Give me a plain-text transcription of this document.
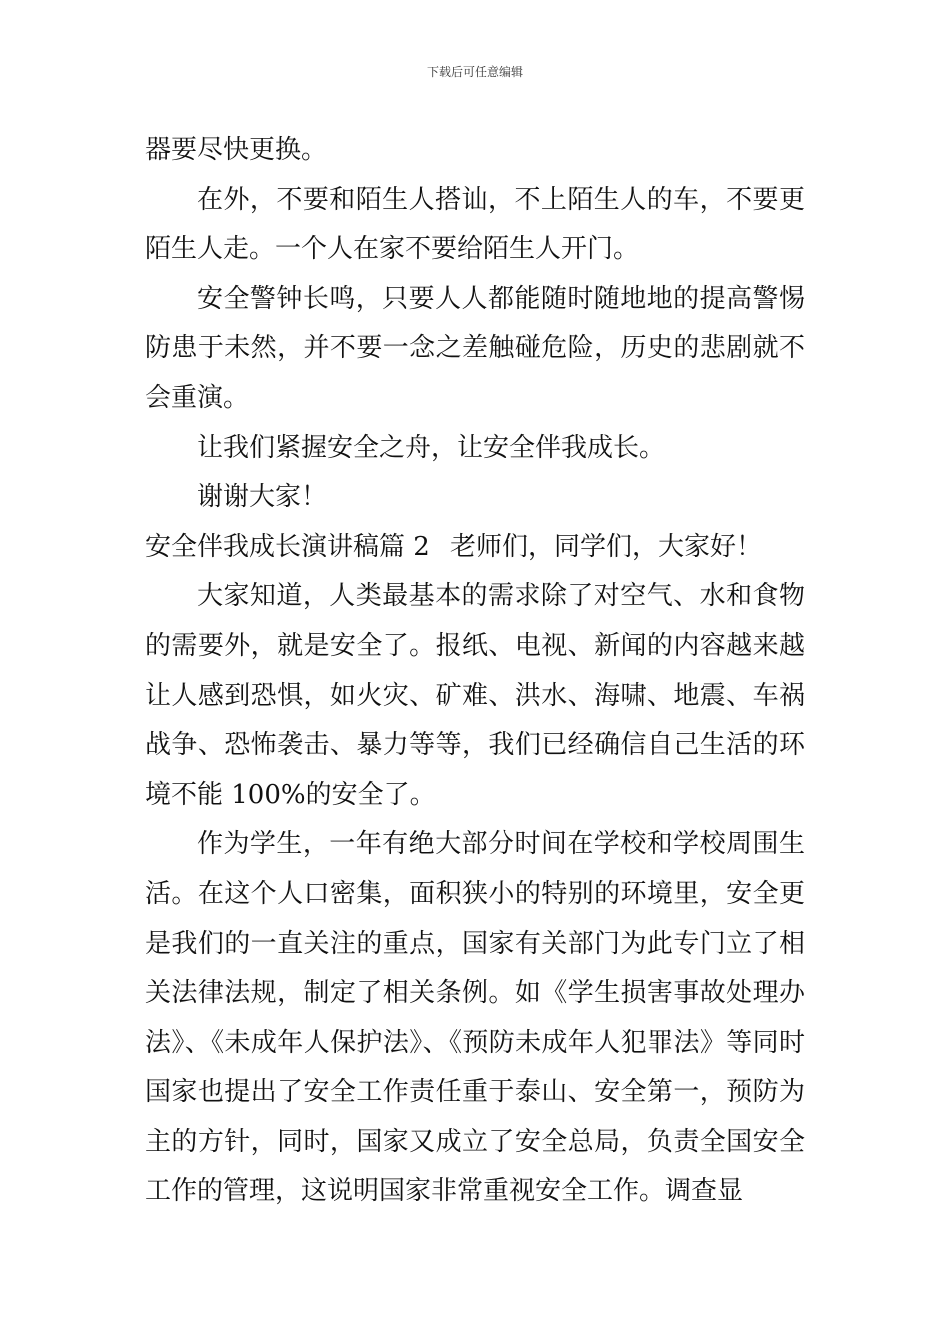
下载后可任意编辑

器要尽快更换。

在外，不要和陌生人搭讪，不上陌生人的车，不要更陌生人走。一个人在家不要给陌生人开门。

安全警钟长鸣，只要人人都能随时随地地的提高警惕防患于未然，并不要一念之差触碰危险，历史的悲剧就不会重演。

让我们紧握安全之舟，让安全伴我成长。

谢谢大家！

安全伴我成长演讲稿篇 2 老师们，同学们，大家好！

大家知道，人类最基本的需求除了对空气、水和食物的需要外，就是安全了。报纸、电视、新闻的内容越来越让人感到恐惧，如火灾、矿难、洪水、海啸、地震、车祸战争、恐怖袭击、暴力等等，我们已经确信自己生活的环境不能 100%的安全了。

作为学生，一年有绝大部分时间在学校和学校周围生活。在这个人口密集，面积狭小的特别的环境里，安全更是我们的一直关注的重点，国家有关部门为此专门立了相关法律法规，制定了相关条例。如《学生损害事故处理办法》、《未成年人保护法》、《预防未成年人犯罪法》等同时国家也提出了安全工作责任重于泰山、安全第一，预防为主的方针，同时，国家又成立了安全总局，负责全国安全工作的管理，这说明国家非常重视安全工作。调查显
